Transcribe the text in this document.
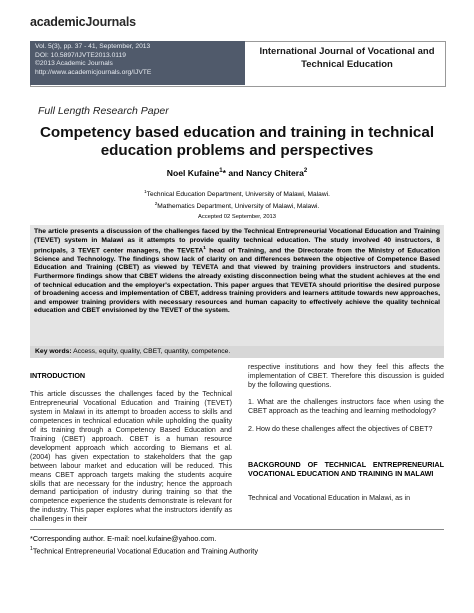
academicJournals
Vol. 5(3), pp. 37 - 41, September, 2013
DOI: 10.5897/IJVTE2013.0119
©2013 Academic Journals
http://www.academicjournals.org/IJVTE
International Journal of Vocational and Technical Education
Full Length Research Paper
Competency based education and training in technical education problems and perspectives
Noel Kufaine$^1$* and Nancy Chitera$^2$
$^1$Technical Education Department, University of Malawi, Malawi.
$^2$Mathematics Department, University of Malawi, Malawi.
Accepted 02 September, 2013
The article presents a discussion of the challenges faced by the Technical Entrepreneurial Vocational Education and Training (TEVET) system in Malawi as it attempts to provide quality technical education. The study involved 40 instructors, 8 principals, 3 TEVET center managers, the TEVETA$^1$ head of Training, and the Directorate from the Ministry of Education Science and Technology. The findings show lack of clarity on and differences between the objective of Competence Based Education and Training (CBET) as viewed by TEVETA and that viewed by training providers instructors and students. Furthermore findings show that CBET widens the already existing disconnection being what the student achieves at the end of technical education and the employer's expectation. This paper argues that TEVETA should prioritise the desired purpose of broadening access and implementation of CBET, address training providers and learners attitude towards new approaches, and empower training providers with necessary resources and human capacity to effectively achieve the quality technical education and CBET envisioned by the TEVET of the system.
Key words: Access, equity, quality, CBET, quantity, competence.
INTRODUCTION
This article discusses the challenges faced by the Technical Entrepreneurial Vocational Education and Training (TEVET) system in Malawi in its attempt to broaden access to skills and competences in technical education while upholding the quality of its training through a Competency Based Education and Training (CBET) approach. CBET is a human resource development approach which according to Biemans et al. (2004) has given expectation to stakeholders that the gap between labour market and education will be reduced. This means CBET approach targets making the students acquire skills that are necessary for the industry; hence the approach demand participation of industry during training so that the competence experience the students demonstrate is relevant for the industry. This paper explores what the instructors identify as challenges in their
respective institutions and how they feel this affects the implementation of CBET. Therefore this discussion is guided by the following questions.
1. What are the challenges instructors face when using the CBET approach as the teaching and learning methodology?
2. How do these challenges affect the objectives of CBET?
BACKGROUND OF TECHNICAL ENTREPRENEURIAL VOCATIONAL EDUCATION AND TRAINING IN MALAWI
Technical and Vocational Education in Malawi, as in
*Corresponding author. E-mail: noel.kufaine@yahoo.com.
$^1$Technical Entrepreneurial Vocational Education and Training Authority
